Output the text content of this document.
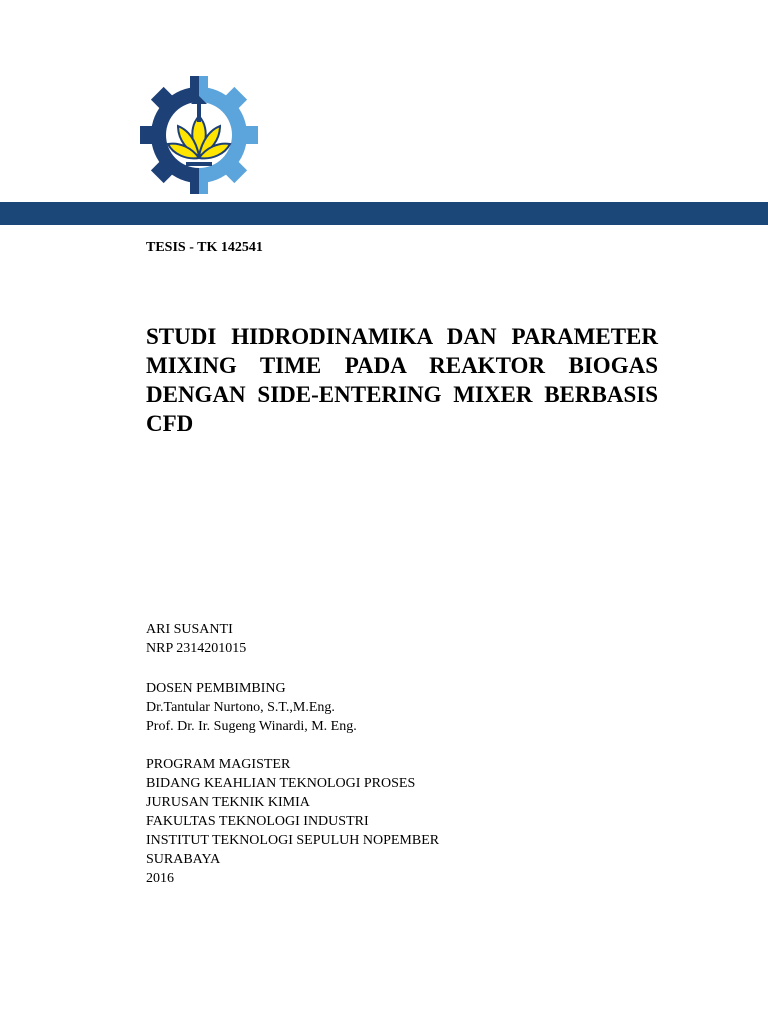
TESIS - TK 142541

STUDI HIDRODINAMIKA DAN PARAMETER MIXING TIME PADA REAKTOR BIOGAS DENGAN SIDE-ENTERING MIXER BERBASIS CFD
ARI SUSANTI
NRP 2314201015
DOSEN PEMBIMBING
Dr.Tantular Nurtono, S.T.,M.Eng.
Prof. Dr. Ir. Sugeng Winardi, M. Eng.
PROGRAM MAGISTER
BIDANG KEAHLIAN TEKNOLOGI PROSES
JURUSAN TEKNIK KIMIA
FAKULTAS TEKNOLOGI INDUSTRI
INSTITUT TEKNOLOGI SEPULUH NOPEMBER
SURABAYA
2016
